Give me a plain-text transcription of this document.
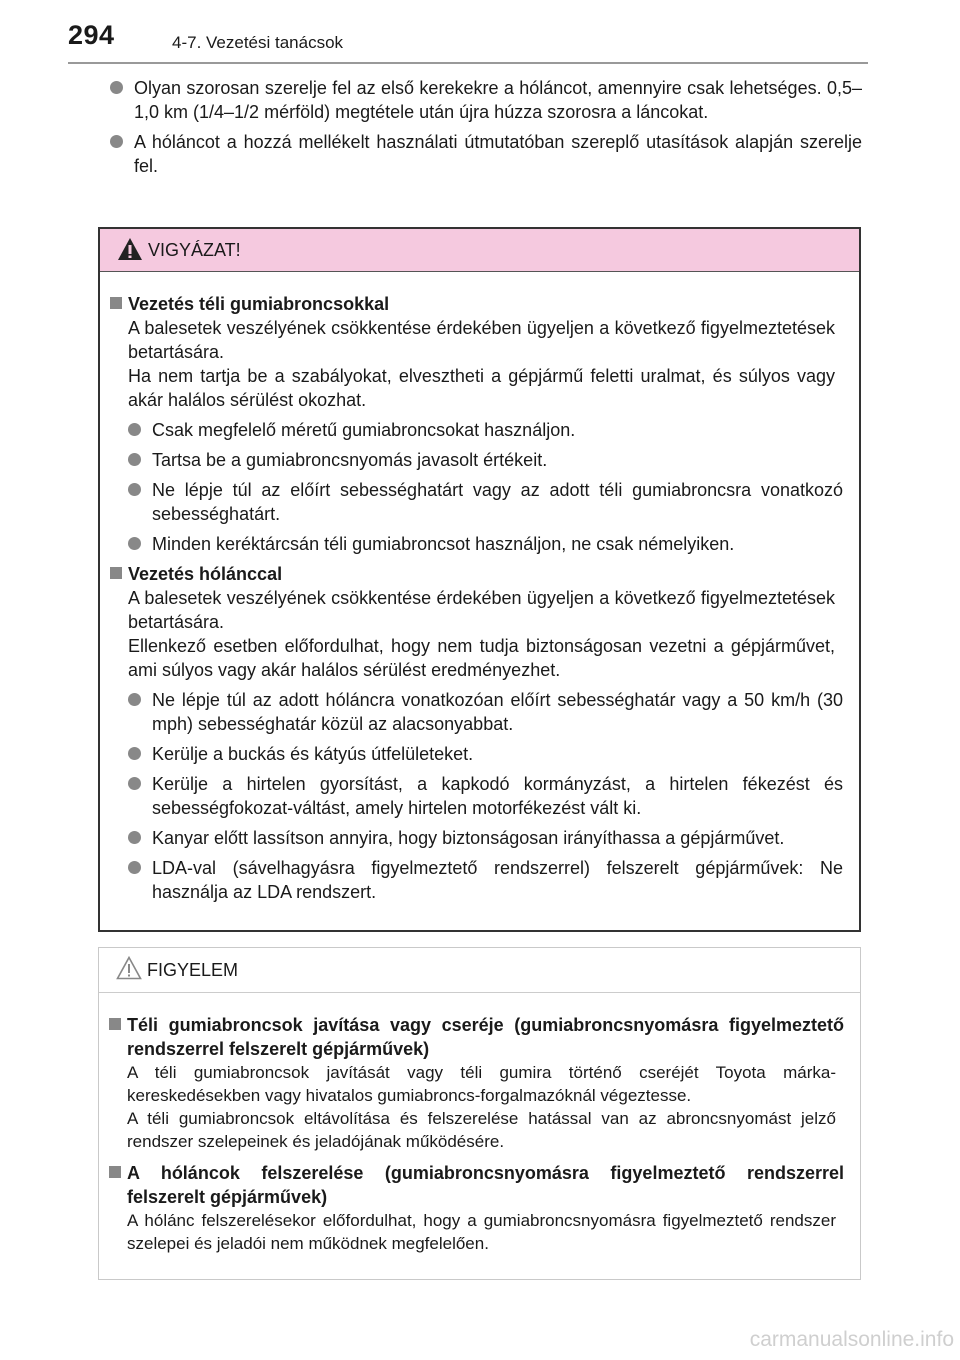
294	4-7. Vezetési tanácsok
Olyan szorosan szerelje fel az első kerekekre a hóláncot, amennyire csak lehetséges. 0,5–1,0 km (1/4–1/2 mérföld) megtétele után újra húzza szorosra a láncokat.
A hóláncot a hozzá mellékelt használati útmutatóban szereplő utasítások alapján szerelje fel.
VIGYÁZAT!
Vezetés téli gumiabroncsokkal
A balesetek veszélyének csökkentése érdekében ügyeljen a következő figyelmeztetések betartására.
Ha nem tartja be a szabályokat, elvesztheti a gépjármű feletti uralmat, és súlyos vagy akár halálos sérülést okozhat.
Csak megfelelő méretű gumiabroncsokat használjon.
Tartsa be a gumiabroncsnyomás javasolt értékeit.
Ne lépje túl az előírt sebességhatárt vagy az adott téli gumiabroncsra vonatkozó sebességhatárt.
Minden keréktárcsán téli gumiabroncsot használjon, ne csak némelyiken.
Vezetés hólánccal
A balesetek veszélyének csökkentése érdekében ügyeljen a következő figyelmeztetések betartására.
Ellenkező esetben előfordulhat, hogy nem tudja biztonságosan vezetni a gépjárművet, ami súlyos vagy akár halálos sérülést eredményezhet.
Ne lépje túl az adott hóláncra vonatkozóan előírt sebességhatár vagy a 50 km/h (30 mph) sebességhatár közül az alacsonyabbat.
Kerülje a buckás és kátyús útfelületeket.
Kerülje a hirtelen gyorsítást, a kapkodó kormányzást, a hirtelen fékezést és sebességfokozat-váltást, amely hirtelen motorfékezést vált ki.
Kanyar előtt lassítson annyira, hogy biztonságosan irányíthassa a gépjárművet.
LDA-val (sávelhagyásra figyelmeztető rendszerrel) felszerelt gépjárművek: Ne használja az LDA rendszert.
FIGYELEM
Téli gumiabroncsok javítása vagy cseréje (gumiabroncsnyomásra figyelmeztető rendszerrel felszerelt gépjárművek)
A téli gumiabroncsok javítását vagy téli gumira történő cseréjét Toyota márkakereskedésekben vagy hivatalos gumiabroncs-forgalmazóknál végeztesse.
A téli gumiabroncsok eltávolítása és felszerelése hatással van az abroncsnyomást jelző rendszer szelepeinek és jeladójának működésére.
A hóláncok felszerelése (gumiabroncsnyomásra figyelmeztető rendszerrel felszerelt gépjárművek)
A hólánc felszerelésekor előfordulhat, hogy a gumiabroncsnyomásra figyelmeztető rendszer szelepei és jeladói nem működnek megfelelően.
carmanualsonline.info
